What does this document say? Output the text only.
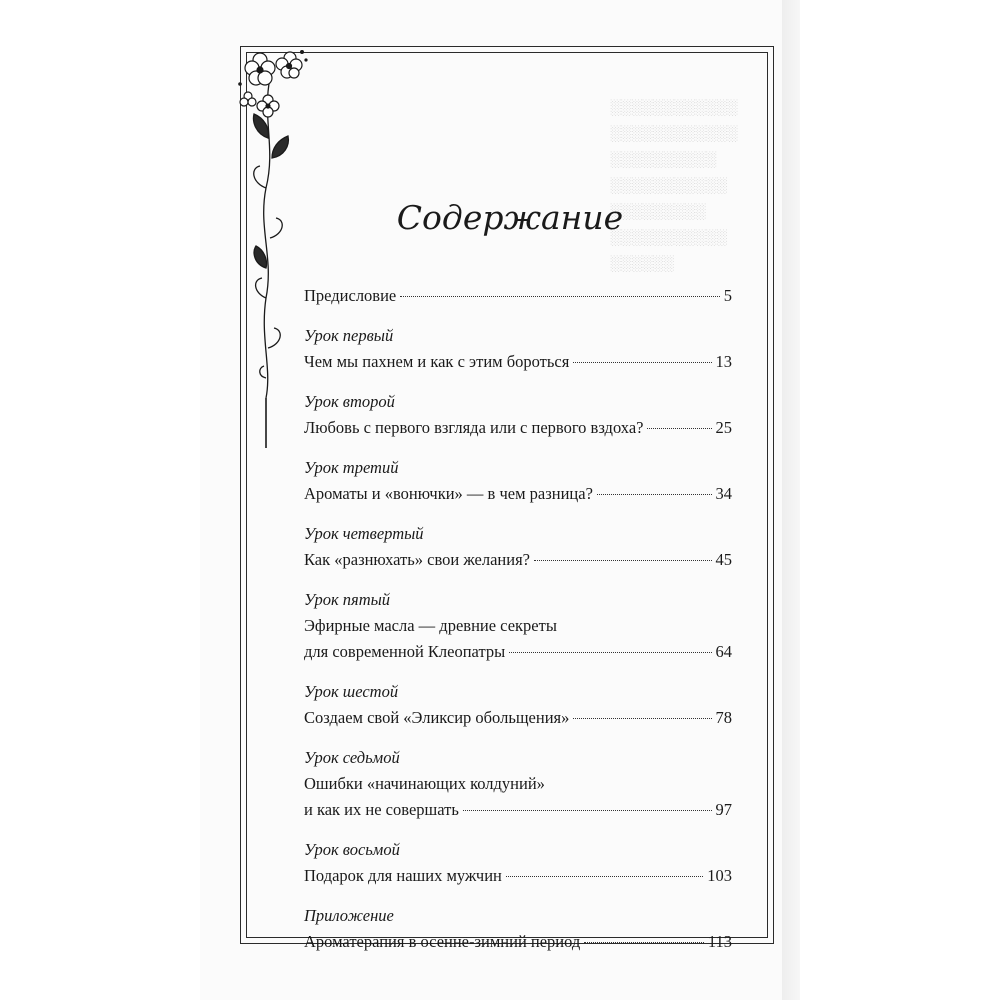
░░░░░░░░░░░░
░░░░░░░░░░░░
░░░░░░░░░░
░░░░░░░░░░░
░░░░░░░░░
░░░░░░░░░░░
░░░░░░
Содержание
Предисловие	5
Урок первый
Чем мы пахнем и как с этим бороться	13
Урок второй
Любовь с первого взгляда или с первого вздоха?	25
Урок третий
Ароматы и «вонючки» — в чем разница?	34
Урок четвертый
Как «разнюхать» свои желания?	45
Урок пятый
Эфирные масла — древние секреты
для современной Клеопатры	64
Урок шестой
Создаем свой «Эликсир обольщения»	78
Урок седьмой
Ошибки «начинающих колдуний»
и как их не совершать	97
Урок восьмой
Подарок для наших мужчин	103
Приложение
Ароматерапия в осенне-зимний период	113
